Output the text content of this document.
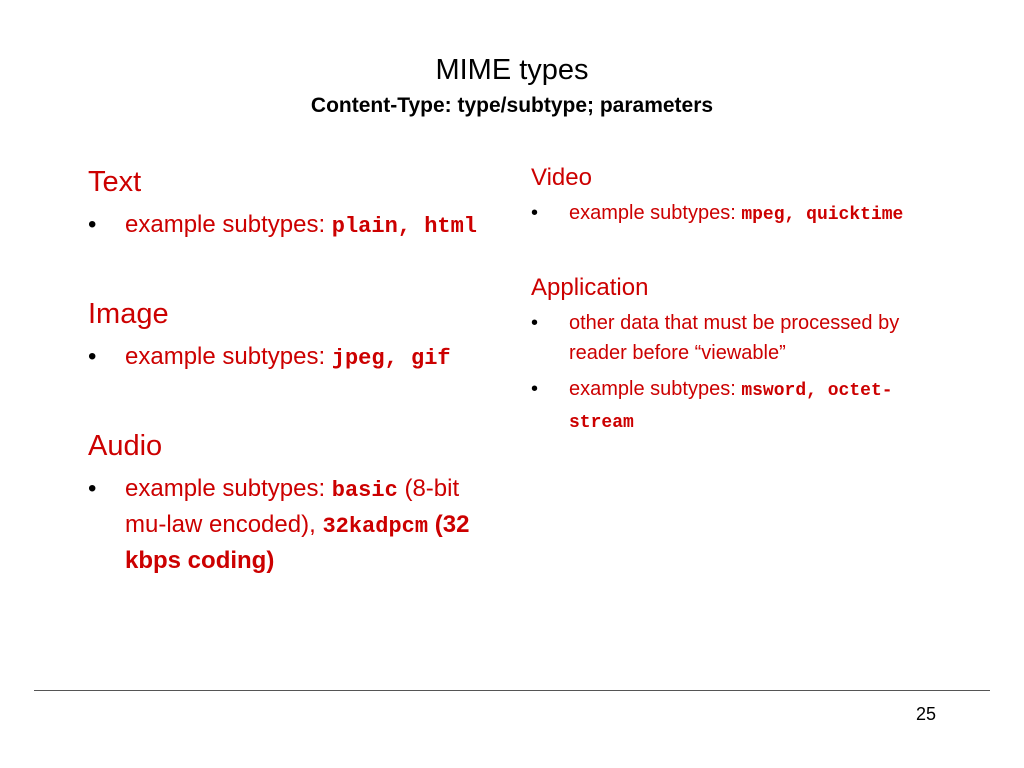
MIME types
Content-Type: type/subtype; parameters
Text
• example subtypes: plain, html
Image
• example subtypes: jpeg, gif
Audio
• example subtypes: basic (8-bit mu-law encoded), 32kadpcm (32 kbps coding)
Video
• example subtypes: mpeg, quicktime
Application
• other data that must be processed by reader before “viewable”
• example subtypes: msword, octet-stream
25
